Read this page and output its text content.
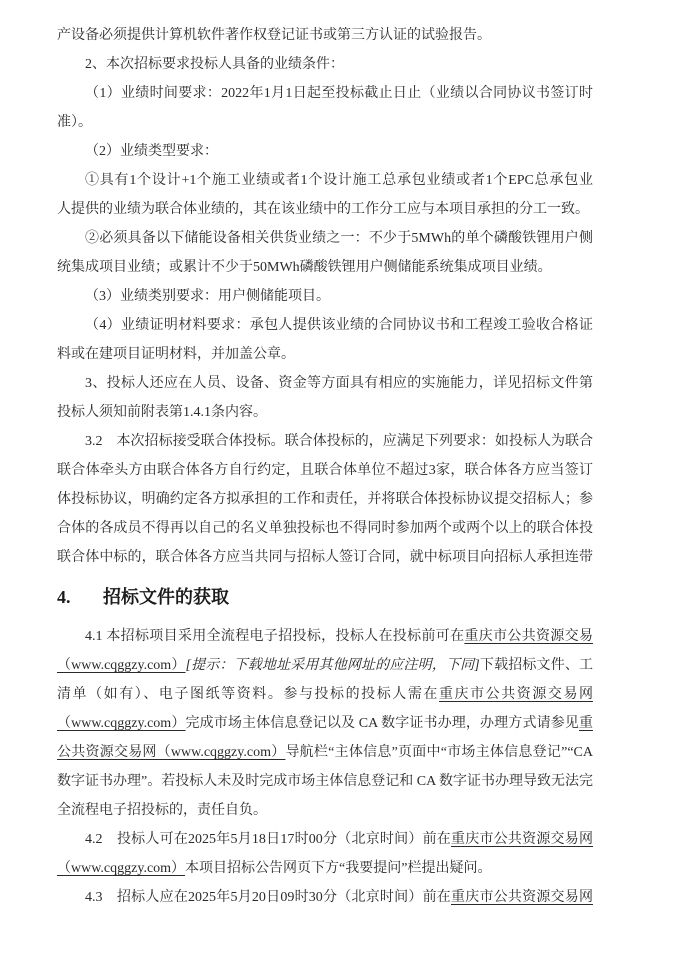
产设备必须提供计算机软件著作权登记证书或第三方认证的试验报告。
2、本次招标要求投标人具备的业绩条件：
（1）业绩时间要求：2022年1月1日起至投标截止日止（业绩以合同协议书签订时
准）。
（2）业绩类型要求：
①具有1个设计+1个施工业绩或者1个设计施工总承包业绩或者1个EPC总承包业
人提供的业绩为联合体业绩的，其在该业绩中的工作分工应与本项目承担的分工一致。
②必须具备以下储能设备相关供货业绩之一：不少于5MWh的单个磷酸铁锂用户侧
统集成项目业绩；或累计不少于50MWh磷酸铁锂用户侧储能系统集成项目业绩。
（3）业绩类别要求：用户侧储能项目。
（4）业绩证明材料要求：承包人提供该业绩的合同协议书和工程竣工验收合格证
料或在建项目证明材料，并加盖公章。
3、投标人还应在人员、设备、资金等方面具有相应的实施能力，详见招标文件第
投标人须知前附表第1.4.1条内容。
3.2　本次招标接受联合体投标。联合体投标的，应满足下列要求：如投标人为联合
联合体牵头方由联合体各方自行约定，且联合体单位不超过3家，联合体各方应当签订
体投标协议，明确约定各方拟承担的工作和责任，并将联合体投标协议提交招标人；参
合体的各成员不得再以自己的名义单独投标也不得同时参加两个或两个以上的联合体投
联合体中标的，联合体各方应当共同与招标人签订合同，就中标项目向招标人承担连带
4. 招标文件的获取
4.1 本招标项目采用全流程电子招投标，投标人在投标前可在重庆市公共资源交易
（www.cqggzy.com）[提示：下载地址采用其他网址的应注明，下同]下载招标文件、工
清单（如有）、电子图纸等资料。参与投标的投标人需在重庆市公共资源交易网
（www.cqggzy.com）完成市场主体信息登记以及 CA 数字证书办理，办理方式请参见重
公共资源交易网（www.cqggzy.com）导航栏“主体信息”页面中“市场主体信息登记”“CA
数字证书办理”。若投标人未及时完成市场主体信息登记和 CA 数字证书办理导致无法完
全流程电子招投标的，责任自负。
4.2　投标人可在2025年5月18日17时00分（北京时间）前在重庆市公共资源交易网
（www.cqggzy.com）本项目招标公告网页下方“我要提问”栏提出疑问。
4.3　招标人应在2025年5月20日09时30分（北京时间）前在重庆市公共资源交易网
